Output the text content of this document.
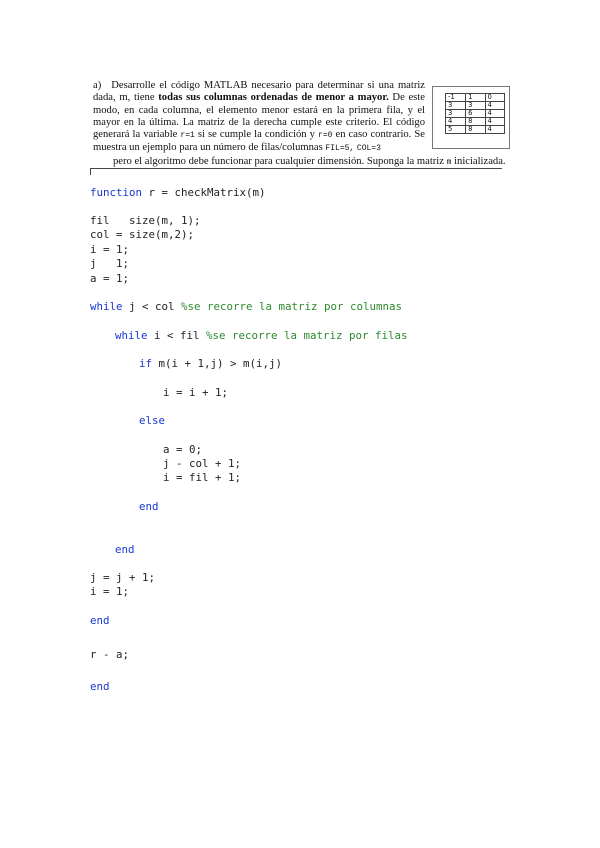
a) Desarrolle el código MATLAB necesario para determinar si una matriz dada, m, tiene todas sus columnas ordenadas de menor a mayor. De este modo, en cada columna, el elemento menor estará en la primera fila, y el mayor en la última. La matriz de la derecha cumple este criterio. El código generará la variable r=1 si se cumple la condición y r=0 en caso contrario. Se muestra un ejemplo para un número de filas/columnas FIL=5, COL=3
pero el algoritmo debe funcionar para cualquier dimensión. Suponga la matriz m inicializada.
-1	1	0
3	3	4
3	6	4
4	8	4
5	8	4
function r = checkMatrix(m)
fil   size(m, 1);
col = size(m,2);
i = 1;
j   1;
a = 1;
while j < col %se recorre la matriz por columnas
while i < fil %se recorre la matriz por filas
if m(i + 1,j) > m(i,j)
i = i + 1;
else
a = 0;
j - col + 1;
i = fil + 1;
end
end
j = j + 1;
i = 1;
end
r - a;
end
